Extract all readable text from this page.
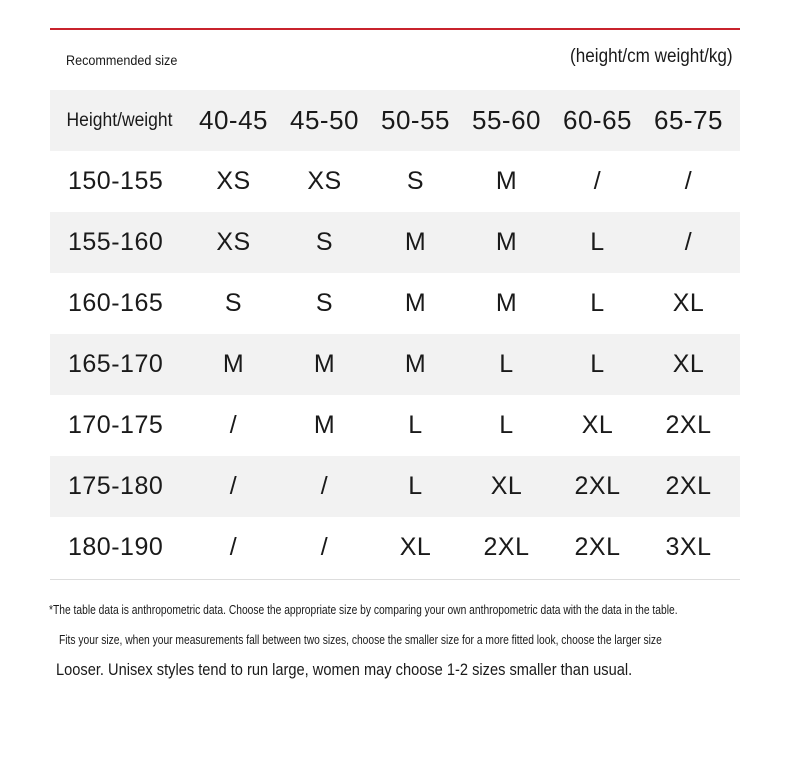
Recommended size	(height/cm weight/kg)
Height/weight	40-45 45-50 50-55 55-60 60-65 65-75
150-155	XS	XS	S	M	/	/
155-160	XS	S	M	M	L	/
160-165	S	S	M	M	L	XL
165-170	M	M	M	L	L	XL
170-175	/	M	L	L	XL	2XL
175-180	/	/	L	XL	2XL	2XL
180-190	/	/	XL	2XL	2XL	3XL
*The table data is anthropometric data. Choose the appropriate size by comparing your own anthropometric data with the data in the table.
Fits your size, when your measurements fall between two sizes, choose the smaller size for a more fitted look, choose the larger size
Looser. Unisex styles tend to run large, women may choose 1-2 sizes smaller than usual.
